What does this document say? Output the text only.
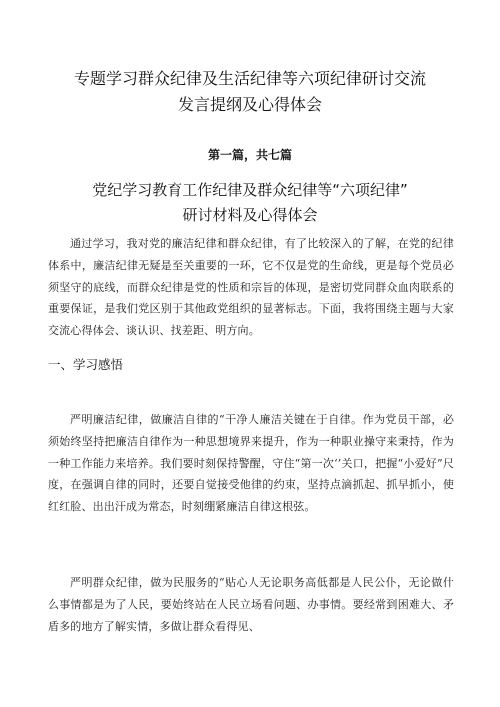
专题学习群众纪律及生活纪律等六项纪律研讨交流
发言提纲及心得体会
第一篇，共七篇
党纪学习教育工作纪律及群众纪律等“六项纪律”
研讨材料及心得体会
通过学习，我对党的廉洁纪律和群众纪律，有了比较深入的了解，在党的纪律体系中，廉洁纪律无疑是至关重要的一环，它不仅是党的生命线，更是每个党员必须坚守的底线，而群众纪律是党的性质和宗旨的体现，是密切党同群众血肉联系的重要保证，是我们党区别于其他政党组织的显著标志。下面，我将围绕主题与大家交流心得体会、谈认识、找差距、明方向。
一、学习感悟
严明廉洁纪律，做廉洁自律的“干净人廉洁关键在于自律。作为党员干部，必须始终坚持把廉洁自律作为一种思想境界来提升，作为一种职业操守来秉持，作为一种工作能力来培养。我们要时刻保持警醒，守住“第一次‘’关口，把握“小爱好”尺度，在强调自律的同时，还要自觉接受他律的约束，坚持点滴抓起、抓早抓小，使红红脸、出出汗成为常态，时刻绷紧廉洁自律这根弦。
严明群众纪律，做为民服务的“贴心人无论职务高低都是人民公仆，无论做什么事情都是为了人民，要始终站在人民立场看问题、办事情。要经常到困难大、矛盾多的地方了解实情，多做让群众看得见、
